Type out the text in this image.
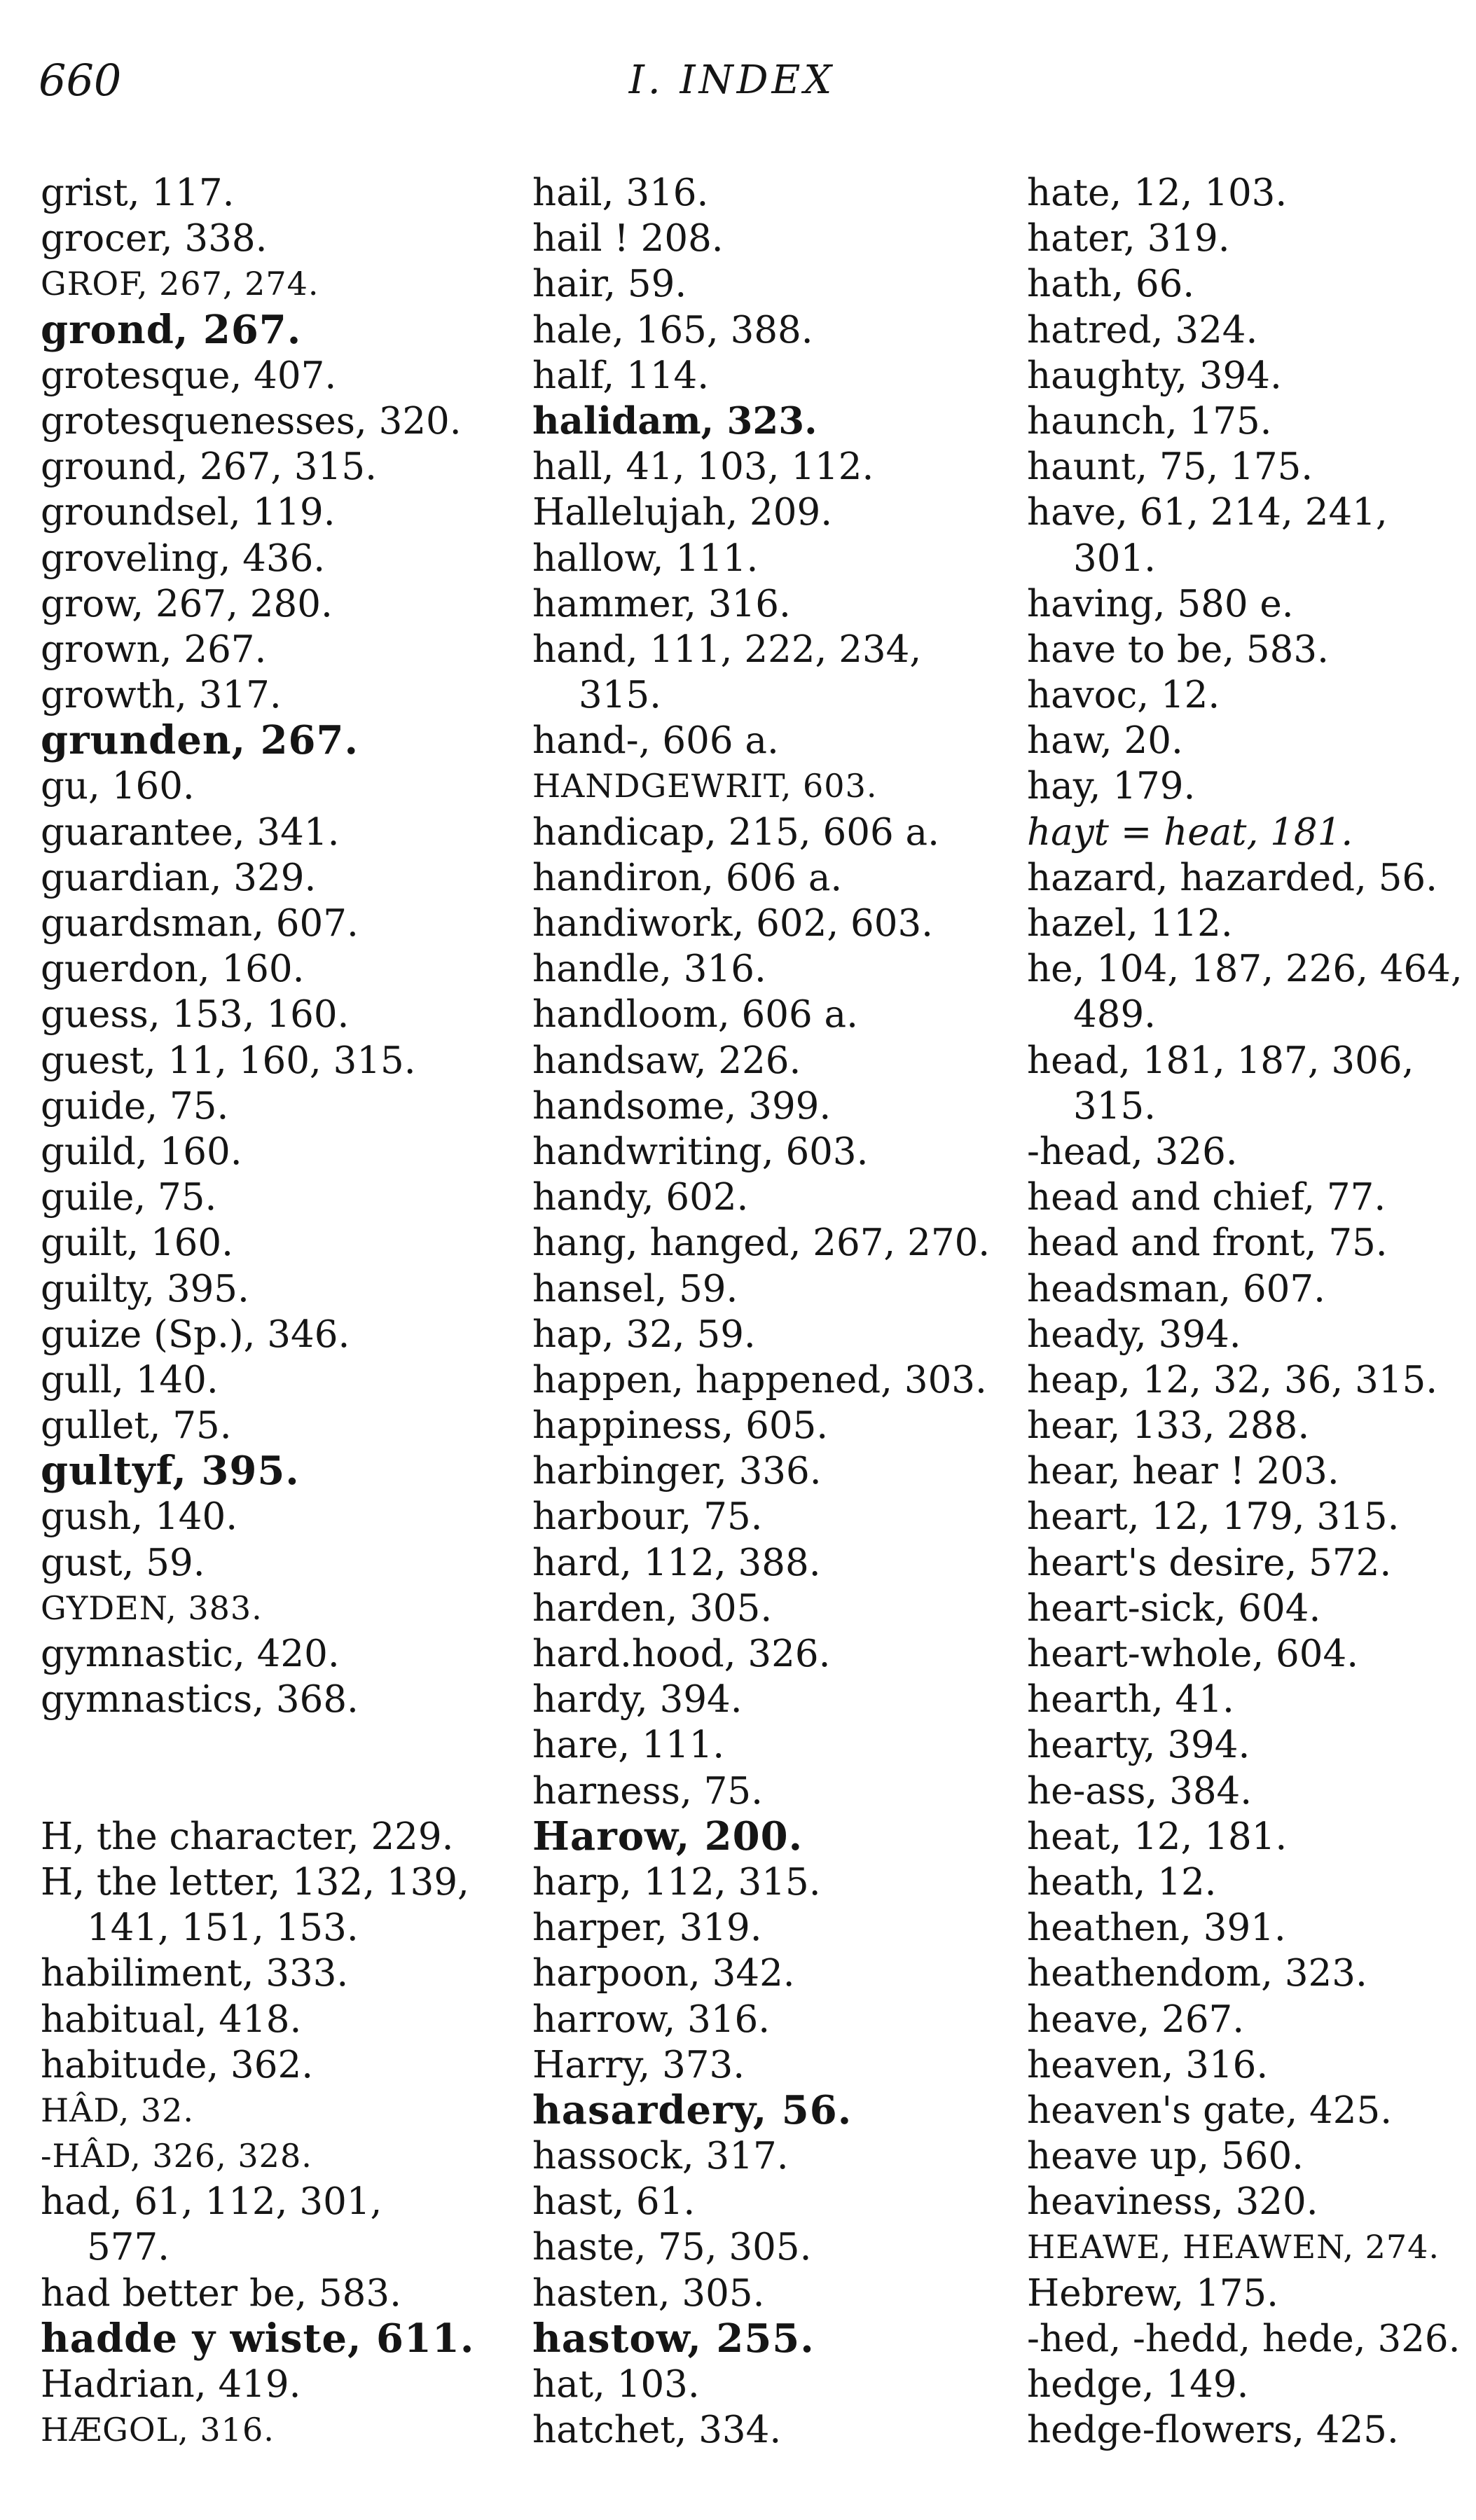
660	I. INDEX
grist, 117.
grocer, 338.
GROF, 267, 274.
grond, 267.
grotesque, 407.
grotesquenesses, 320.
ground, 267, 315.
groundsel, 119.
groveling, 436.
grow, 267, 280.
grown, 267.
growth, 317.
grunden, 267.
gu, 160.
guarantee, 341.
guardian, 329.
guardsman, 607.
guerdon, 160.
guess, 153, 160.
guest, 11, 160, 315.
guide, 75.
guild, 160.
guile, 75.
guilt, 160.
guilty, 395.
guize (Sp.), 346.
gull, 140.
gullet, 75.
gultyf, 395.
gush, 140.
gust, 59.
GYDEN, 383.
gymnastic, 420.
gymnastics, 368.
H, the character, 229.
H, the letter, 132, 139,
141, 151, 153.
habiliment, 333.
habitual, 418.
habitude, 362.
HÂD, 32.
-HÂD, 326, 328.
had, 61, 112, 301,
577.
had better be, 583.
hadde y wiste, 611.
Hadrian, 419.
HÆGOL, 316.
hail, 316.
hail ! 208.
hair, 59.
hale, 165, 388.
half, 114.
halidam, 323.
hall, 41, 103, 112.
Hallelujah, 209.
hallow, 111.
hammer, 316.
hand, 111, 222, 234,
315.
hand-, 606 a.
HANDGEWRIT, 603.
handicap, 215, 606 a.
handiron, 606 a.
handiwork, 602, 603.
handle, 316.
handloom, 606 a.
handsaw, 226.
handsome, 399.
handwriting, 603.
handy, 602.
hang, hanged, 267, 270.
hansel, 59.
hap, 32, 59.
happen, happened, 303.
happiness, 605.
harbinger, 336.
harbour, 75.
hard, 112, 388.
harden, 305.
hard.hood, 326.
hardy, 394.
hare, 111.
harness, 75.
Harow, 200.
harp, 112, 315.
harper, 319.
harpoon, 342.
harrow, 316.
Harry, 373.
hasardery, 56.
hassock, 317.
hast, 61.
haste, 75, 305.
hasten, 305.
hastow, 255.
hat, 103.
hatchet, 334.
hate, 12, 103.
hater, 319.
hath, 66.
hatred, 324.
haughty, 394.
haunch, 175.
haunt, 75, 175.
have, 61, 214, 241,
301.
having, 580 e.
have to be, 583.
havoc, 12.
haw, 20.
hay, 179.
hayt = heat, 181.
hazard, hazarded, 56.
hazel, 112.
he, 104, 187, 226, 464,
489.
head, 181, 187, 306,
315.
-head, 326.
head and chief, 77.
head and front, 75.
headsman, 607.
heady, 394.
heap, 12, 32, 36, 315.
hear, 133, 288.
hear, hear ! 203.
heart, 12, 179, 315.
heart's desire, 572.
heart-sick, 604.
heart-whole, 604.
hearth, 41.
hearty, 394.
he-ass, 384.
heat, 12, 181.
heath, 12.
heathen, 391.
heathendom, 323.
heave, 267.
heaven, 316.
heaven's gate, 425.
heave up, 560.
heaviness, 320.
HEAWE, HEAWEN, 274.
Hebrew, 175.
-hed, -hedd, hede, 326.
hedge, 149.
hedge-flowers, 425.
